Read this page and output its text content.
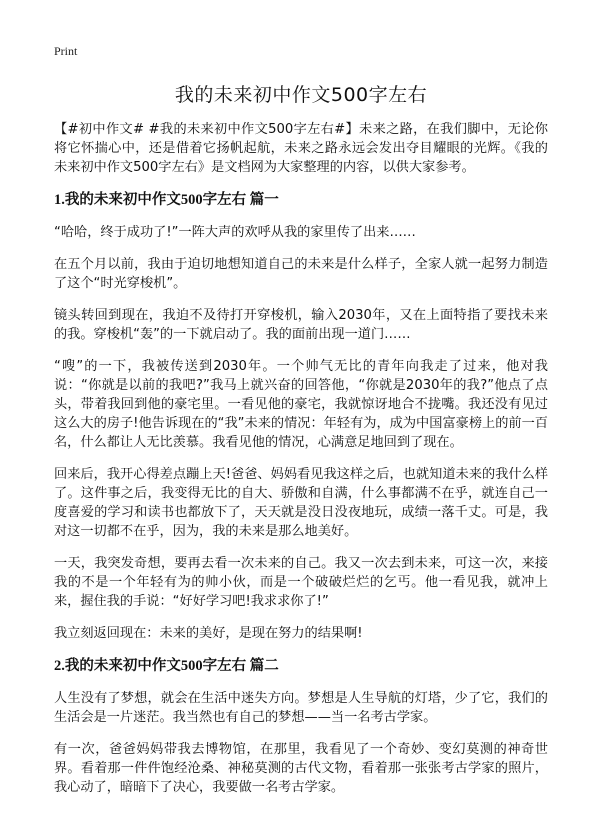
Print
我的未来初中作文500字左右

【#初中作文# #我的未来初中作文500字左右#】未来之路，在我们脚中，无论你将它怀揣心中，还是借着它扬帆起航，未来之路永远会发出夺目耀眼的光辉。《我的未来初中作文500字左右》是文档网为大家整理的内容，以供大家参考。

1.我的未来初中作文500字左右 篇一

“哈哈，终于成功了!”一阵大声的欢呼从我的家里传了出来……

在五个月以前，我由于迫切地想知道自己的未来是什么样子，全家人就一起努力制造了这个“时光穿梭机”。

镜头转回到现在，我迫不及待打开穿梭机，输入2030年，又在上面特指了要找未来的我。穿梭机“轰”的一下就启动了。我的面前出现一道门……

“嗖”的一下，我被传送到2030年。一个帅气无比的青年向我走了过来，他对我说：“你就是以前的我吧?”我马上就兴奋的回答他，“你就是2030年的我?”他点了点头，带着我回到他的豪宅里。一看见他的豪宅，我就惊讶地合不拢嘴。我还没有见过这么大的房子!他告诉现在的“我”未来的情况：年轻有为，成为中国富豪榜上的前一百名，什么都让人无比羡慕。我看见他的情况，心满意足地回到了现在。

回来后，我开心得差点蹦上天!爸爸、妈妈看见我这样之后，也就知道未来的我什么样了。这件事之后，我变得无比的自大、骄傲和自满，什么事都满不在乎，就连自己一度喜爱的学习和读书也都放下了，天天就是没日没夜地玩，成绩一落千丈。可是，我对这一切都不在乎，因为，我的未来是那么地美好。

一天，我突发奇想，要再去看一次未来的自己。我又一次去到未来，可这一次，来接我的不是一个年轻有为的帅小伙，而是一个破破烂烂的乞丐。他一看见我，就冲上来，握住我的手说：“好好学习吧!我求求你了!”

我立刻返回现在：未来的美好，是现在努力的结果啊!

2.我的未来初中作文500字左右 篇二

人生没有了梦想，就会在生活中迷失方向。梦想是人生导航的灯塔，少了它，我们的生活会是一片迷茫。我当然也有自己的梦想——当一名考古学家。

有一次，爸爸妈妈带我去博物馆，在那里，我看见了一个奇妙、变幻莫测的神奇世界。看着那一件件饱经沧桑、神秘莫测的古代文物，看着那一张张考古学家的照片，我心动了，暗暗下了决心，我要做一名考古学家。
